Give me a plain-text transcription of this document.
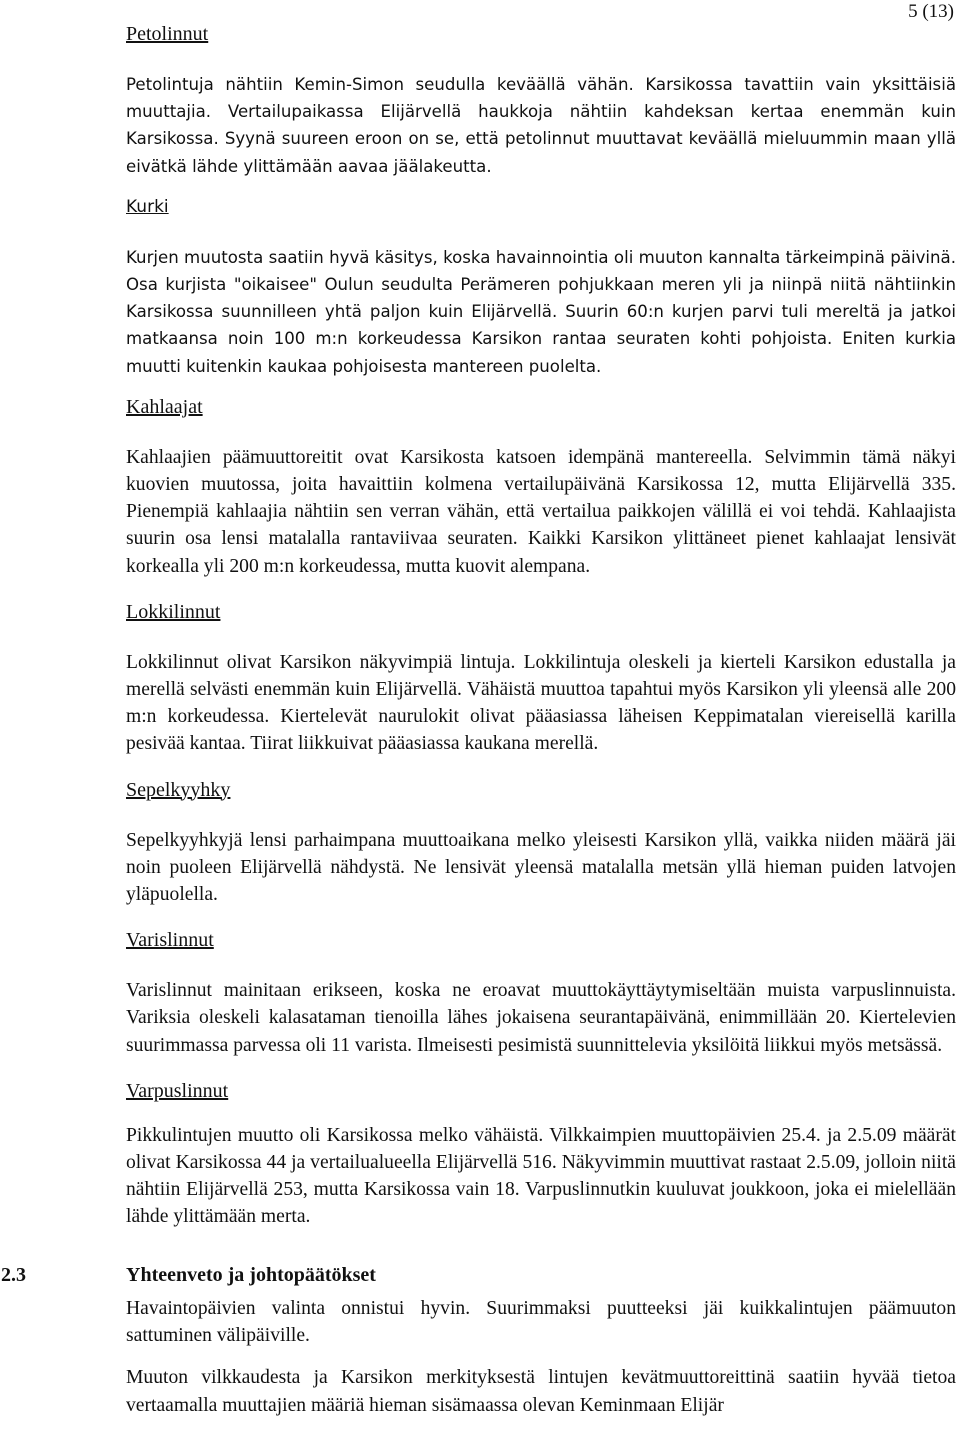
5 (13)

Petolinnut

Petolintuja nähtiin Kemin-Simon seudulla keväällä vähän. Karsikossa tavattiin vain yksittäisiä muuttajia. Vertailupaikassa Elijärvellä haukkoja nähtiin kahdeksan kertaa enemmän kuin Karsikossa. Syynä suureen eroon on se, että petolinnut muuttavat keväällä mieluummin maan yllä eivätkä lähde ylittämään aavaa jäälakeutta.

Kurki

Kurjen muutosta saatiin hyvä käsitys, koska havainnointia oli muuton kannalta tärkeimpinä päivinä. Osa kurjista "oikaisee" Oulun seudulta Perämeren pohjukkaan meren yli ja niinpä niitä nähtiinkin Karsikossa suunnilleen yhtä paljon kuin Elijärvellä. Suurin 60:n kurjen parvi tuli mereltä ja jatkoi matkaansa noin 100 m:n korkeudessa Karsikon rantaa seuraten kohti pohjoista. Eniten kurkia muutti kuitenkin kaukaa pohjoisesta mantereen puolelta.

Kahlaajat

Kahlaajien päämuuttoreitit ovat Karsikosta katsoen idempänä mantereella. Selvimmin tämä näkyi kuovien muutossa, joita havaittiin kolmena vertailupäivänä Karsikossa 12, mutta Elijärvellä 335. Pienempiä kahlaajia nähtiin sen verran vähän, että vertailua paikkojen välillä ei voi tehdä. Kahlaajista suurin osa lensi matalalla rantaviivaa seuraten. Kaikki Karsikon ylittäneet pienet kahlaajat lensivät korkealla yli 200 m:n korkeudessa, mutta kuovit alempana.

Lokkilinnut

Lokkilinnut olivat Karsikon näkyvimpiä lintuja. Lokkilintuja oleskeli ja kierteli Karsikon edustalla ja merellä selvästi enemmän kuin Elijärvellä. Vähäistä muuttoa tapahtui myös Karsikon yli yleensä alle 200 m:n korkeudessa. Kiertelevät naurulokit olivat pääasiassa läheisen Keppimatalan viereisellä karilla pesivää kantaa. Tiirat liikkuivat pääasiassa kaukana merellä.

Sepelkyyhky

Sepelkyyhkyjä lensi parhaimpana muuttoaikana melko yleisesti Karsikon yllä, vaikka niiden määrä jäi noin puoleen Elijärvellä nähdystä. Ne lensivät yleensä matalalla metsän yllä hieman puiden latvojen yläpuolella.

Varislinnut

Varislinnut mainitaan erikseen, koska ne eroavat muuttokäyttäytymiseltään muista varpuslinnuista. Variksia oleskeli kalasataman tienoilla lähes jokaisena seurantapäivänä, enimmillään 20. Kiertelevien suurimmassa parvessa oli 11 varista. Ilmeisesti pesimistä suunnittelevia yksilöitä liikkui myös metsässä.

Varpuslinnut

Pikkulintujen muutto oli Karsikossa melko vähäistä. Vilkkaimpien muuttopäivien 25.4. ja 2.5.09 määrät olivat Karsikossa 44 ja vertailualueella Elijärvellä 516. Näkyvimmin muuttivat rastaat 2.5.09, jolloin niitä nähtiin Elijärvellä 253, mutta Karsikossa vain 18. Varpuslinnutkin kuuluvat joukkoon, joka ei mielellään lähde ylittämään merta.

2.3	Yhteenveto ja johtopäätökset

Havaintopäivien valinta onnistui hyvin. Suurimmaksi puutteeksi jäi kuikkalintujen päämuuton sattuminen välipäiville.

Muuton vilkkaudesta ja Karsikon merkityksestä lintujen kevätmuuttoreittinä saatiin hyvää tietoa vertaamalla muuttajien määriä hieman sisämaassa olevan Keminmaan Elijär
